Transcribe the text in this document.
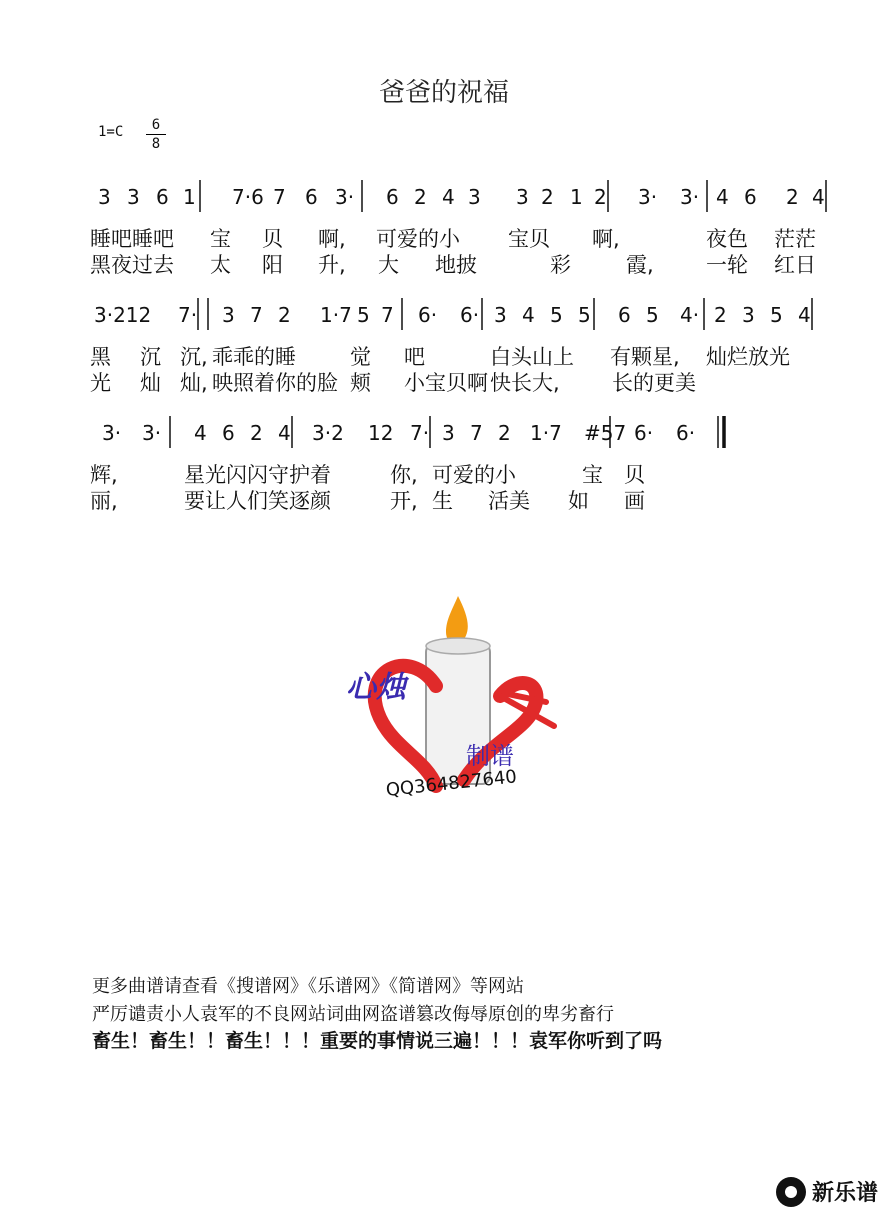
爸爸的祝福
1=C	6
8
3 3 6 1 7·6 7 6 3· 6 2 4 3 3 2 1 2 3· 3· 4 6 2 4
睡吧睡吧 宝 贝 啊, 可爱的小 宝贝 啊,	夜色 茫茫
黑夜过去 太 阳 升, 大 地披	彩	霞, 一轮 红日
3·212 7· 3 7 2 1·7 5 7 6· 6· 3 4 5 5 6 5 4· 2 3 5 4
黑 沉 沉, 乖乖的睡	觉 吧	白头山上 有颗星, 灿烂放光
光 灿 灿, 映照着你的脸 颊 小宝贝啊 快长大, 长的更美
3· 3· 4 6 2 4 3·2 12 7· 3 7 2 1·7 #57 6· 6·
辉,	星光闪闪守护着	你, 可爱的小	宝 贝
丽,	要让人们笑逐颜	开, 生 活美 如 画
心烛
制谱
QQ364827640
更多曲谱请查看《搜谱网》《乐谱网》《简谱网》等网站
严厉谴责小人袁军的不良网站词曲网盗谱篡改侮辱原创的卑劣畜行
畜生！畜生！！畜生！！！重要的事情说三遍！！！袁军你听到了吗
新乐谱
